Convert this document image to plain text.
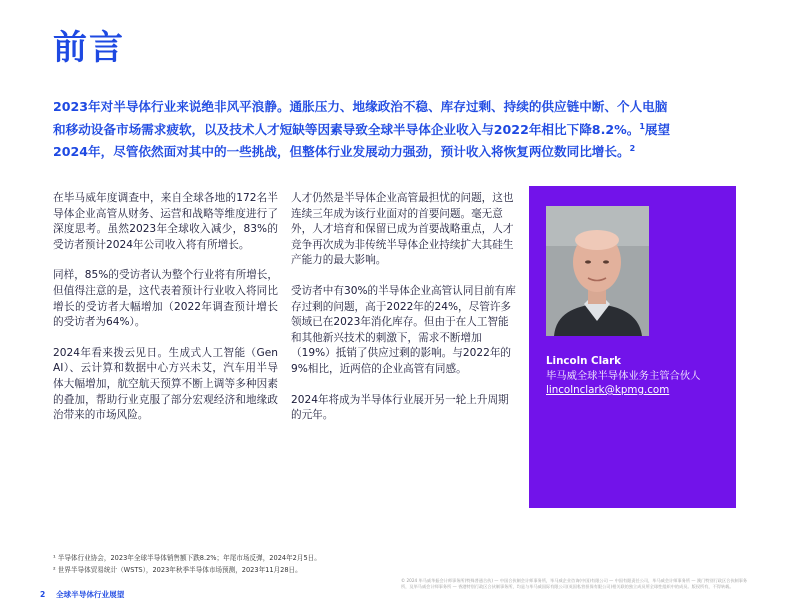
前言
2023年对半导体行业来说绝非风平浪静。通胀压力、地缘政治不稳、库存过剩、持续的供应链中断、个人电脑和移动设备市场需求疲软，以及技术人才短缺等因素导致全球半导体企业收入与2022年相比下降8.2%。$^1$展望2024年，尽管依然面对其中的一些挑战，但整体行业发展动力强劲，预计收入将恢复两位数同比增长。$^2$

在毕马威年度调查中，来自全球各地的172名半导体企业高管从财务、运营和战略等维度进行了深度思考。虽然2023年全球收入减少，83%的受访者预计2024年公司收入将有所增长。

同样，85%的受访者认为整个行业将有所增长，但值得注意的是，这代表着预计行业收入将同比增长的受访者大幅增加（2022年调查预计增长的受访者为64%）。

2024年看来拨云见日。生成式人工智能（Gen AI）、云计算和数据中心方兴未艾，汽车用半导体大幅增加，航空航天预算不断上调等多种因素的叠加，帮助行业克服了部分宏观经济和地缘政治带来的市场风险。

人才仍然是半导体企业高管最担忧的问题，这也连续三年成为该行业面对的首要问题。毫无意外，人才培育和保留已成为首要战略重点，人才竞争再次成为非传统半导体企业持续扩大其硅生产能力的最大影响。

受访者中有30%的半导体企业高管认同目前有库存过剩的问题，高于2022年的24%，尽管许多领域已在2023年消化库存。但由于在人工智能和其他新兴技术的刺激下，需求不断增加（19%）抵销了供应过剩的影响。与2022年的9%相比，近两倍的企业高管有同感。

2024年将成为半导体行业展开另一轮上升周期的元年。

Lincoln Clark
毕马威全球半导体业务主管合伙人
lincolnclark@kpmg.com
¹ 半导体行业协会，2023年全球半导体销售额下跌8.2%；年尾市场反弹，2024年2月5日。
² 世界半导体贸易统计（WSTS），2023年秋季半导体市场预测，2023年11月28日。
2 全球半导体行业展望
© 2024 毕马威华振会计师事务所(特殊普通合伙) — 中国合伙制会计师事务所，毕马威企业咨询(中国)有限公司 — 中国有限责任公司，毕马威会计师事务所 — 澳门特别行政区合伙制事务所，及毕马威会计师事务所 — 香港特别行政区合伙制事务所，均是与毕马威国际有限公司(英国私营担保有限公司)相关联的独立成员所全球性组织中的成员。版权所有，不得转载。
